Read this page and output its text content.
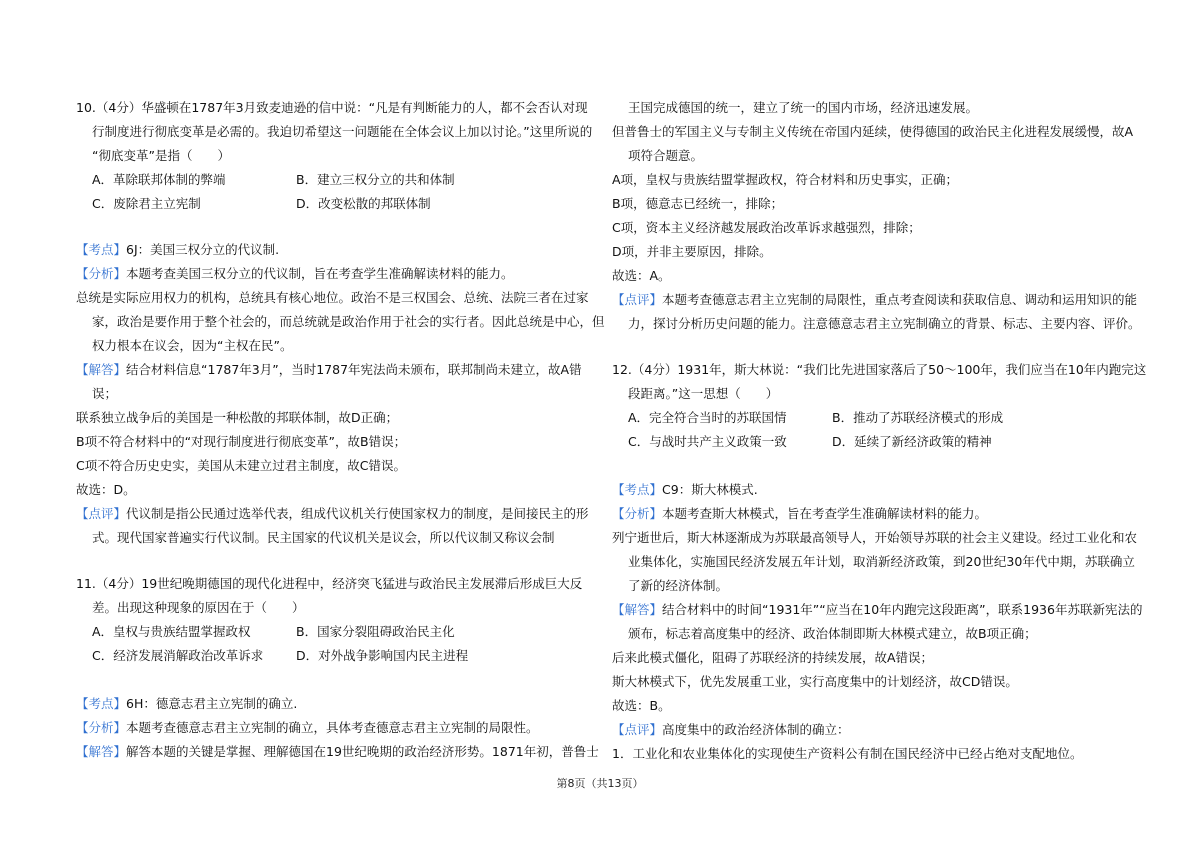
10.（4分）华盛顿在1787年3月致麦迪逊的信中说：“凡是有判断能力的人，都不会否认对现
行制度进行彻底变革是必需的。我迫切希望这一问题能在全体会议上加以讨论。”这里所说的
“彻底变革”是指（　　）
A．革除联邦体制的弊端	B．建立三权分立的共和体制
C．废除君主立宪制	D．改变松散的邦联体制
【考点】6J：美国三权分立的代议制.
【分析】本题考查美国三权分立的代议制，旨在考查学生准确解读材料的能力。
总统是实际应用权力的机构，总统具有核心地位。政治不是三权国会、总统、法院三者在过家
家，政治是要作用于整个社会的，而总统就是政治作用于社会的实行者。因此总统是中心，但
权力根本在议会，因为“主权在民”。
【解答】结合材料信息“1787年3月”，当时1787年宪法尚未颁布，联邦制尚未建立，故A错
误；
联系独立战争后的美国是一种松散的邦联体制，故D正确；
B项不符合材料中的“对现行制度进行彻底变革”，故B错误；
C项不符合历史史实，美国从未建立过君主制度，故C错误。
故选：D。
【点评】代议制是指公民通过选举代表，组成代议机关行使国家权力的制度，是间接民主的形
式。现代国家普遍实行代议制。民主国家的代议机关是议会，所以代议制又称议会制
11.（4分）19世纪晚期德国的现代化进程中，经济突飞猛进与政治民主发展滞后形成巨大反
差。出现这种现象的原因在于（　　）
A．皇权与贵族结盟掌握政权	B．国家分裂阻碍政治民主化
C．经济发展消解政治改革诉求	D．对外战争影响国内民主进程
【考点】6H：德意志君主立宪制的确立.
【分析】本题考查德意志君主立宪制的确立，具体考查德意志君主立宪制的局限性。
【解答】解答本题的关键是掌握、理解德国在19世纪晚期的政治经济形势。1871年初，普鲁士
王国完成德国的统一，建立了统一的国内市场，经济迅速发展。
但普鲁士的军国主义与专制主义传统在帝国内延续，使得德国的政治民主化进程发展缓慢，故A
项符合题意。
A项，皇权与贵族结盟掌握政权，符合材料和历史事实，正确；
B项，德意志已经统一，排除；
C项，资本主义经济越发展政治改革诉求越强烈，排除；
D项，并非主要原因，排除。
故选：A。
【点评】本题考查德意志君主立宪制的局限性，重点考查阅读和获取信息、调动和运用知识的能
力，探讨分析历史问题的能力。注意德意志君主立宪制确立的背景、标志、主要内容、评价。
12.（4分）1931年，斯大林说：“我们比先进国家落后了50～100年，我们应当在10年内跑完这
段距离。”这一思想（　　）
A．完全符合当时的苏联国情	B．推动了苏联经济模式的形成
C．与战时共产主义政策一致	D．延续了新经济政策的精神
【考点】C9：斯大林模式.
【分析】本题考查斯大林模式，旨在考查学生准确解读材料的能力。
列宁逝世后，斯大林逐渐成为苏联最高领导人，开始领导苏联的社会主义建设。经过工业化和农
业集体化，实施国民经济发展五年计划，取消新经济政策，到20世纪30年代中期，苏联确立
了新的经济体制。
【解答】结合材料中的时间“1931年”“应当在10年内跑完这段距离”，联系1936年苏联新宪法的
颁布，标志着高度集中的经济、政治体制即斯大林模式建立，故B项正确；
后来此模式僵化，阻碍了苏联经济的持续发展，故A错误；
斯大林模式下，优先发展重工业，实行高度集中的计划经济，故CD错误。
故选：B。
【点评】高度集中的政治经济体制的确立：
1．工业化和农业集体化的实现使生产资料公有制在国民经济中已经占绝对支配地位。
第8页（共13页）
